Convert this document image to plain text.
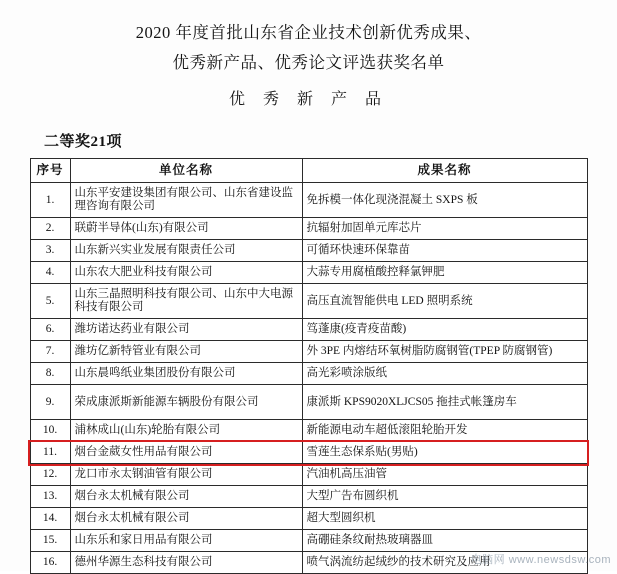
2020 年度首批山东省企业技术创新优秀成果、
优秀新产品、优秀论文评选获奖名单
优 秀 新 产 品
二等奖21项
序号	单位名称	成果名称
1.	山东平安建设集团有限公司、山东省建设监理咨询有限公司	免拆模一体化现浇混凝土 SXPS 板
2.	联蔚半导体(山东)有限公司	抗辐射加固单元库芯片
3.	山东新兴实业发展有限责任公司	可循环快速环保靠苗
4.	山东农大肥业科技有限公司	大蒜专用腐植酸控释氯钾肥
5.	山东三晶照明科技有限公司、山东中大电源科技有限公司	高压直流智能供电 LED 照明系统
6.	潍坊诺达药业有限公司	笃蓬康(疫青疫苗酸)
7.	潍坊亿新特管业有限公司	外 3PE 内熔结环氧树脂防腐钢管(TPEP 防腐钢管)
8.	山东晨鸣纸业集团股份有限公司	高光彩喷涂版纸
9.	荣成康派斯新能源车辆股份有限公司	康派斯 KPS9020XLJCS05 拖挂式帐篷房车
10.	浦林成山(山东)轮胎有限公司	新能源电动车超低滚阻轮胎开发
11.	烟台金葳女性用品有限公司	雪莲生态保系贴(男贴)
12.	龙口市永太钢油管有限公司	汽油机高压油管
13.	烟台永太机械有限公司	大型广告布圆织机
14.	烟台永太机械有限公司	超大型圆织机
15.	山东乐和家日用品有限公司	高硼硅条纹耐热玻璃器皿
16.	德州华源生态科技有限公司	喷气涡流纺起绒纱的技术研究及应用
电脑网 www.newsdsw.com
